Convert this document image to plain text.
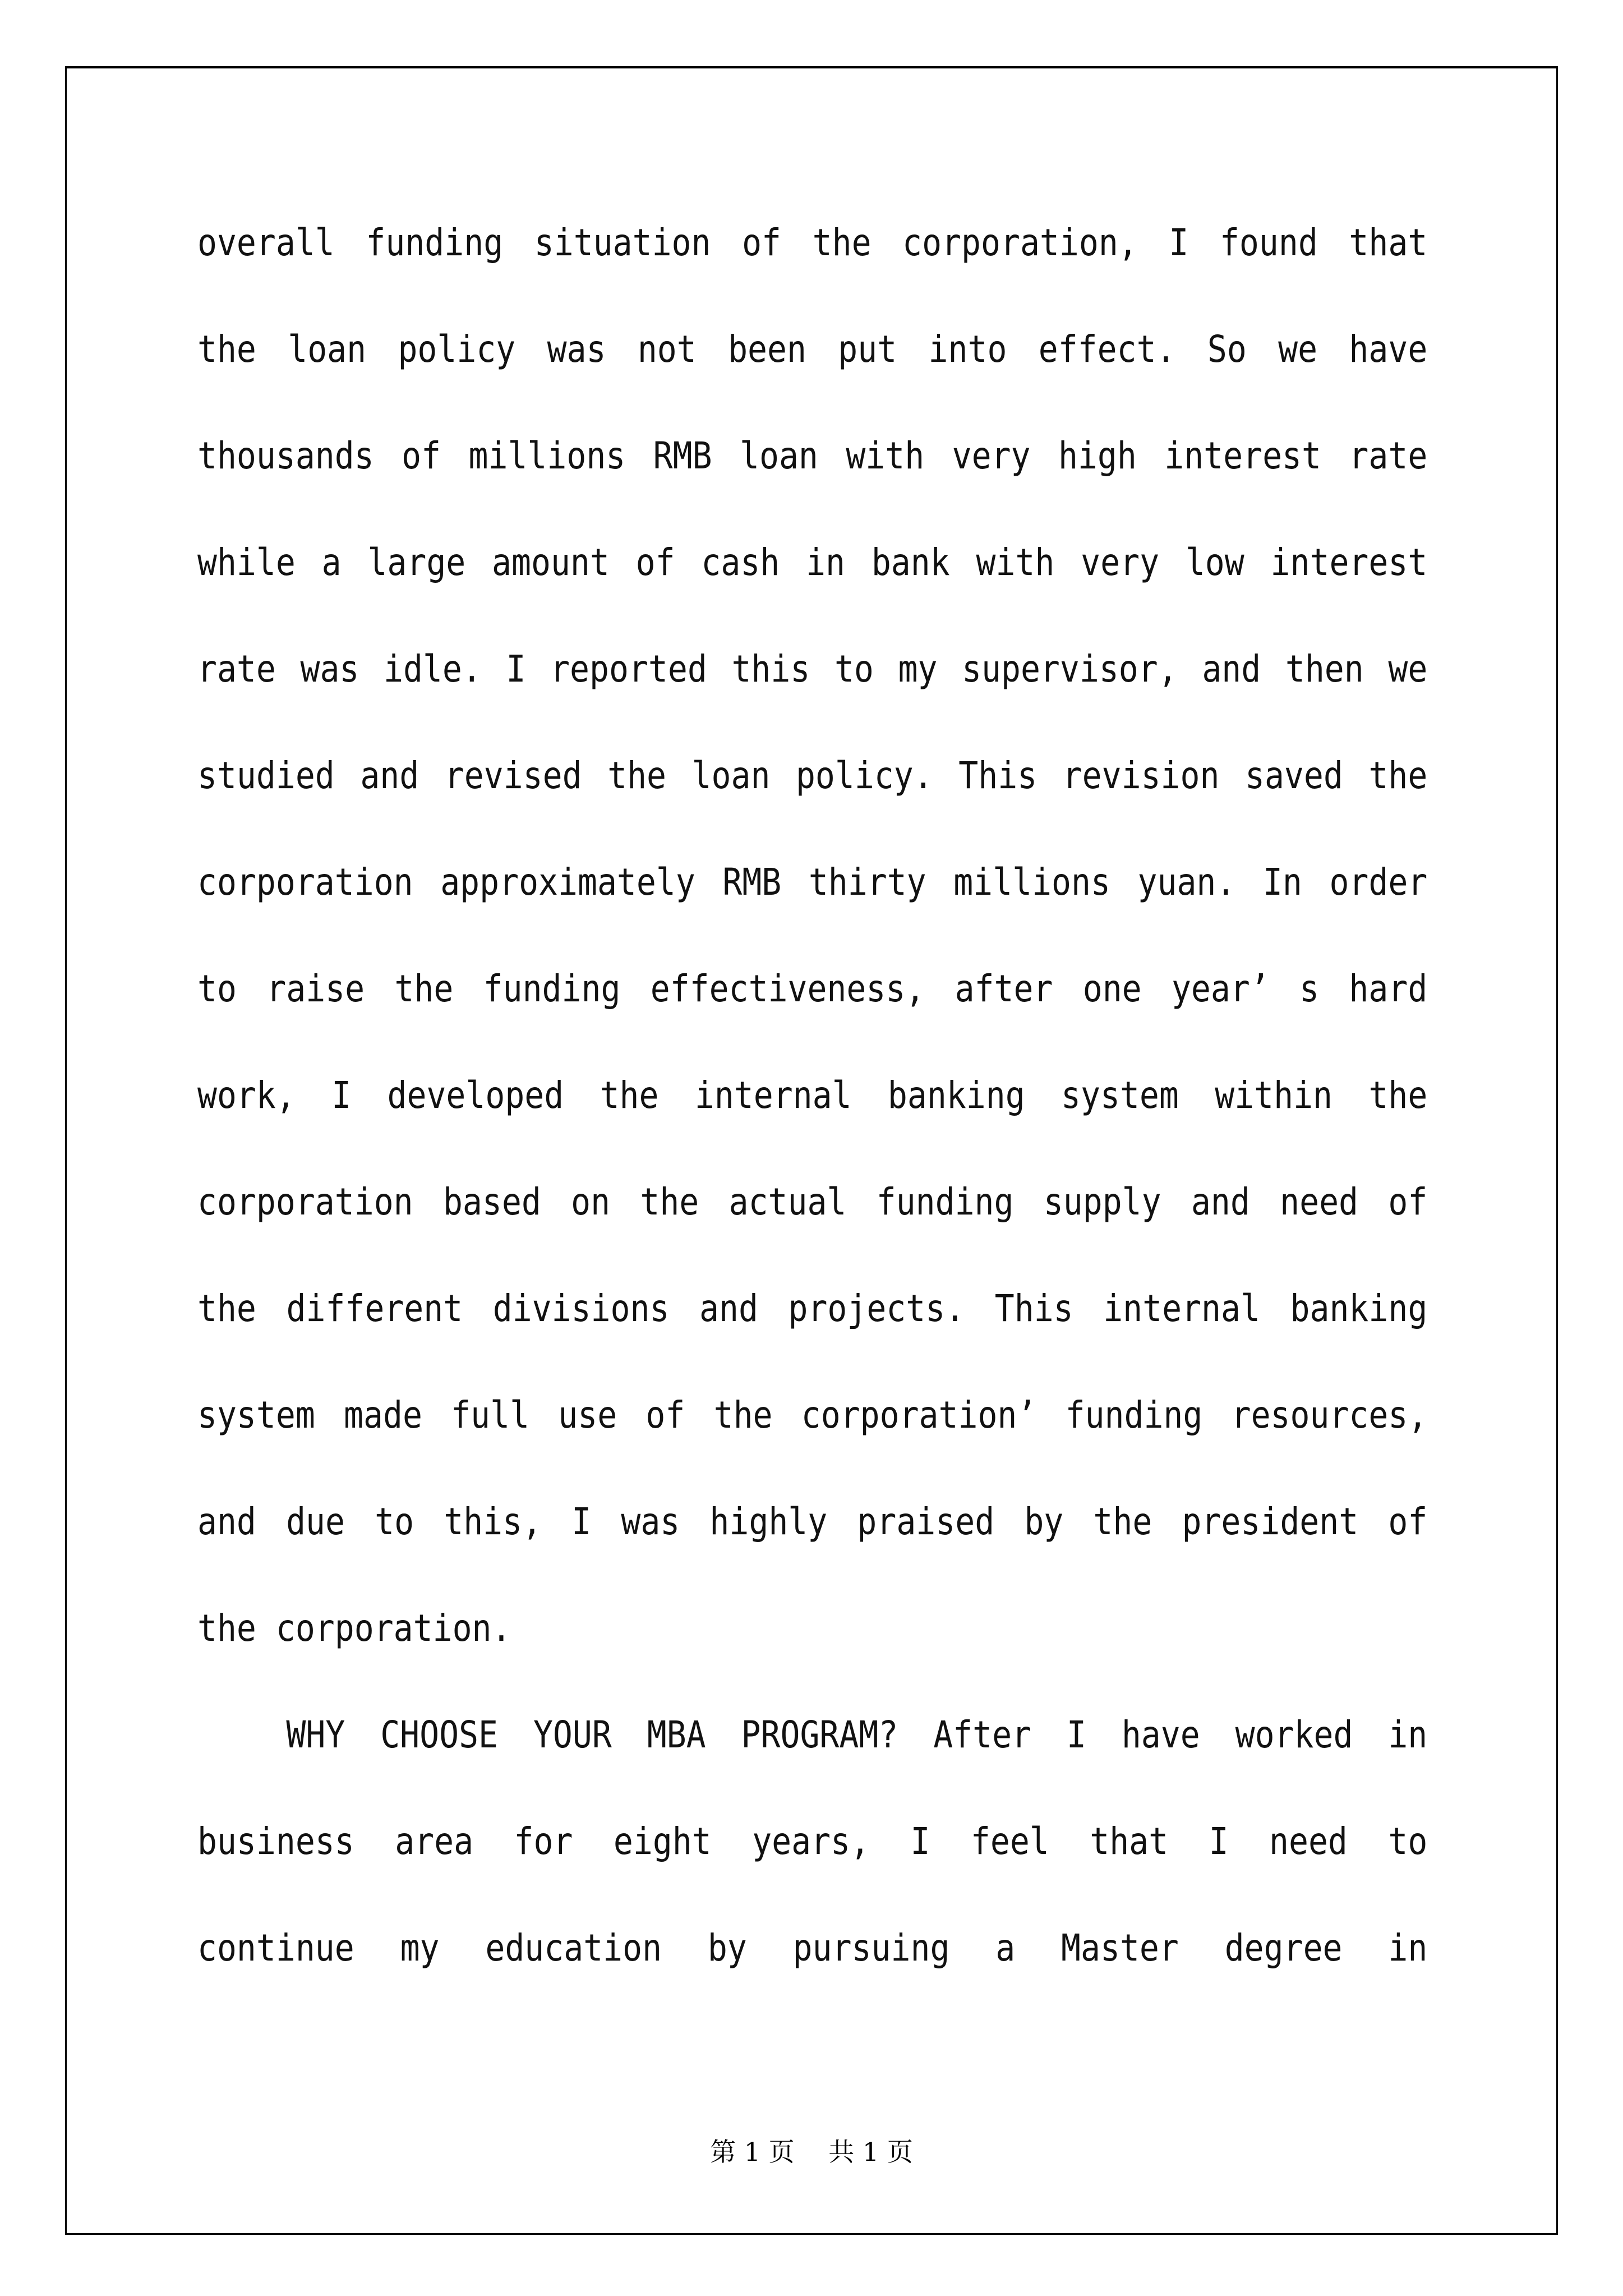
overall funding situation of the corporation, I found that
the loan policy was not been put into effect. So we have
thousands of millions RMB loan with very high interest rate
while a large amount of cash in bank with very low interest
rate was idle. I reported this to my supervisor, and then we
studied and revised the loan policy. This revision saved the
corporation approximately RMB thirty millions yuan. In order
to raise the funding effectiveness, after one year’ s hard
work, I developed the internal banking system within the
corporation based on the actual funding supply and need of
the different divisions and projects. This internal banking
system made full use of the corporation’ funding resources,
and due to this, I was highly praised by the president of
the corporation.
WHY CHOOSE YOUR MBA PROGRAM? After I have worked in
business area for eight years, I feel that I need to
continue my education by pursuing a Master degree in
第 1 页　 共 1 页
